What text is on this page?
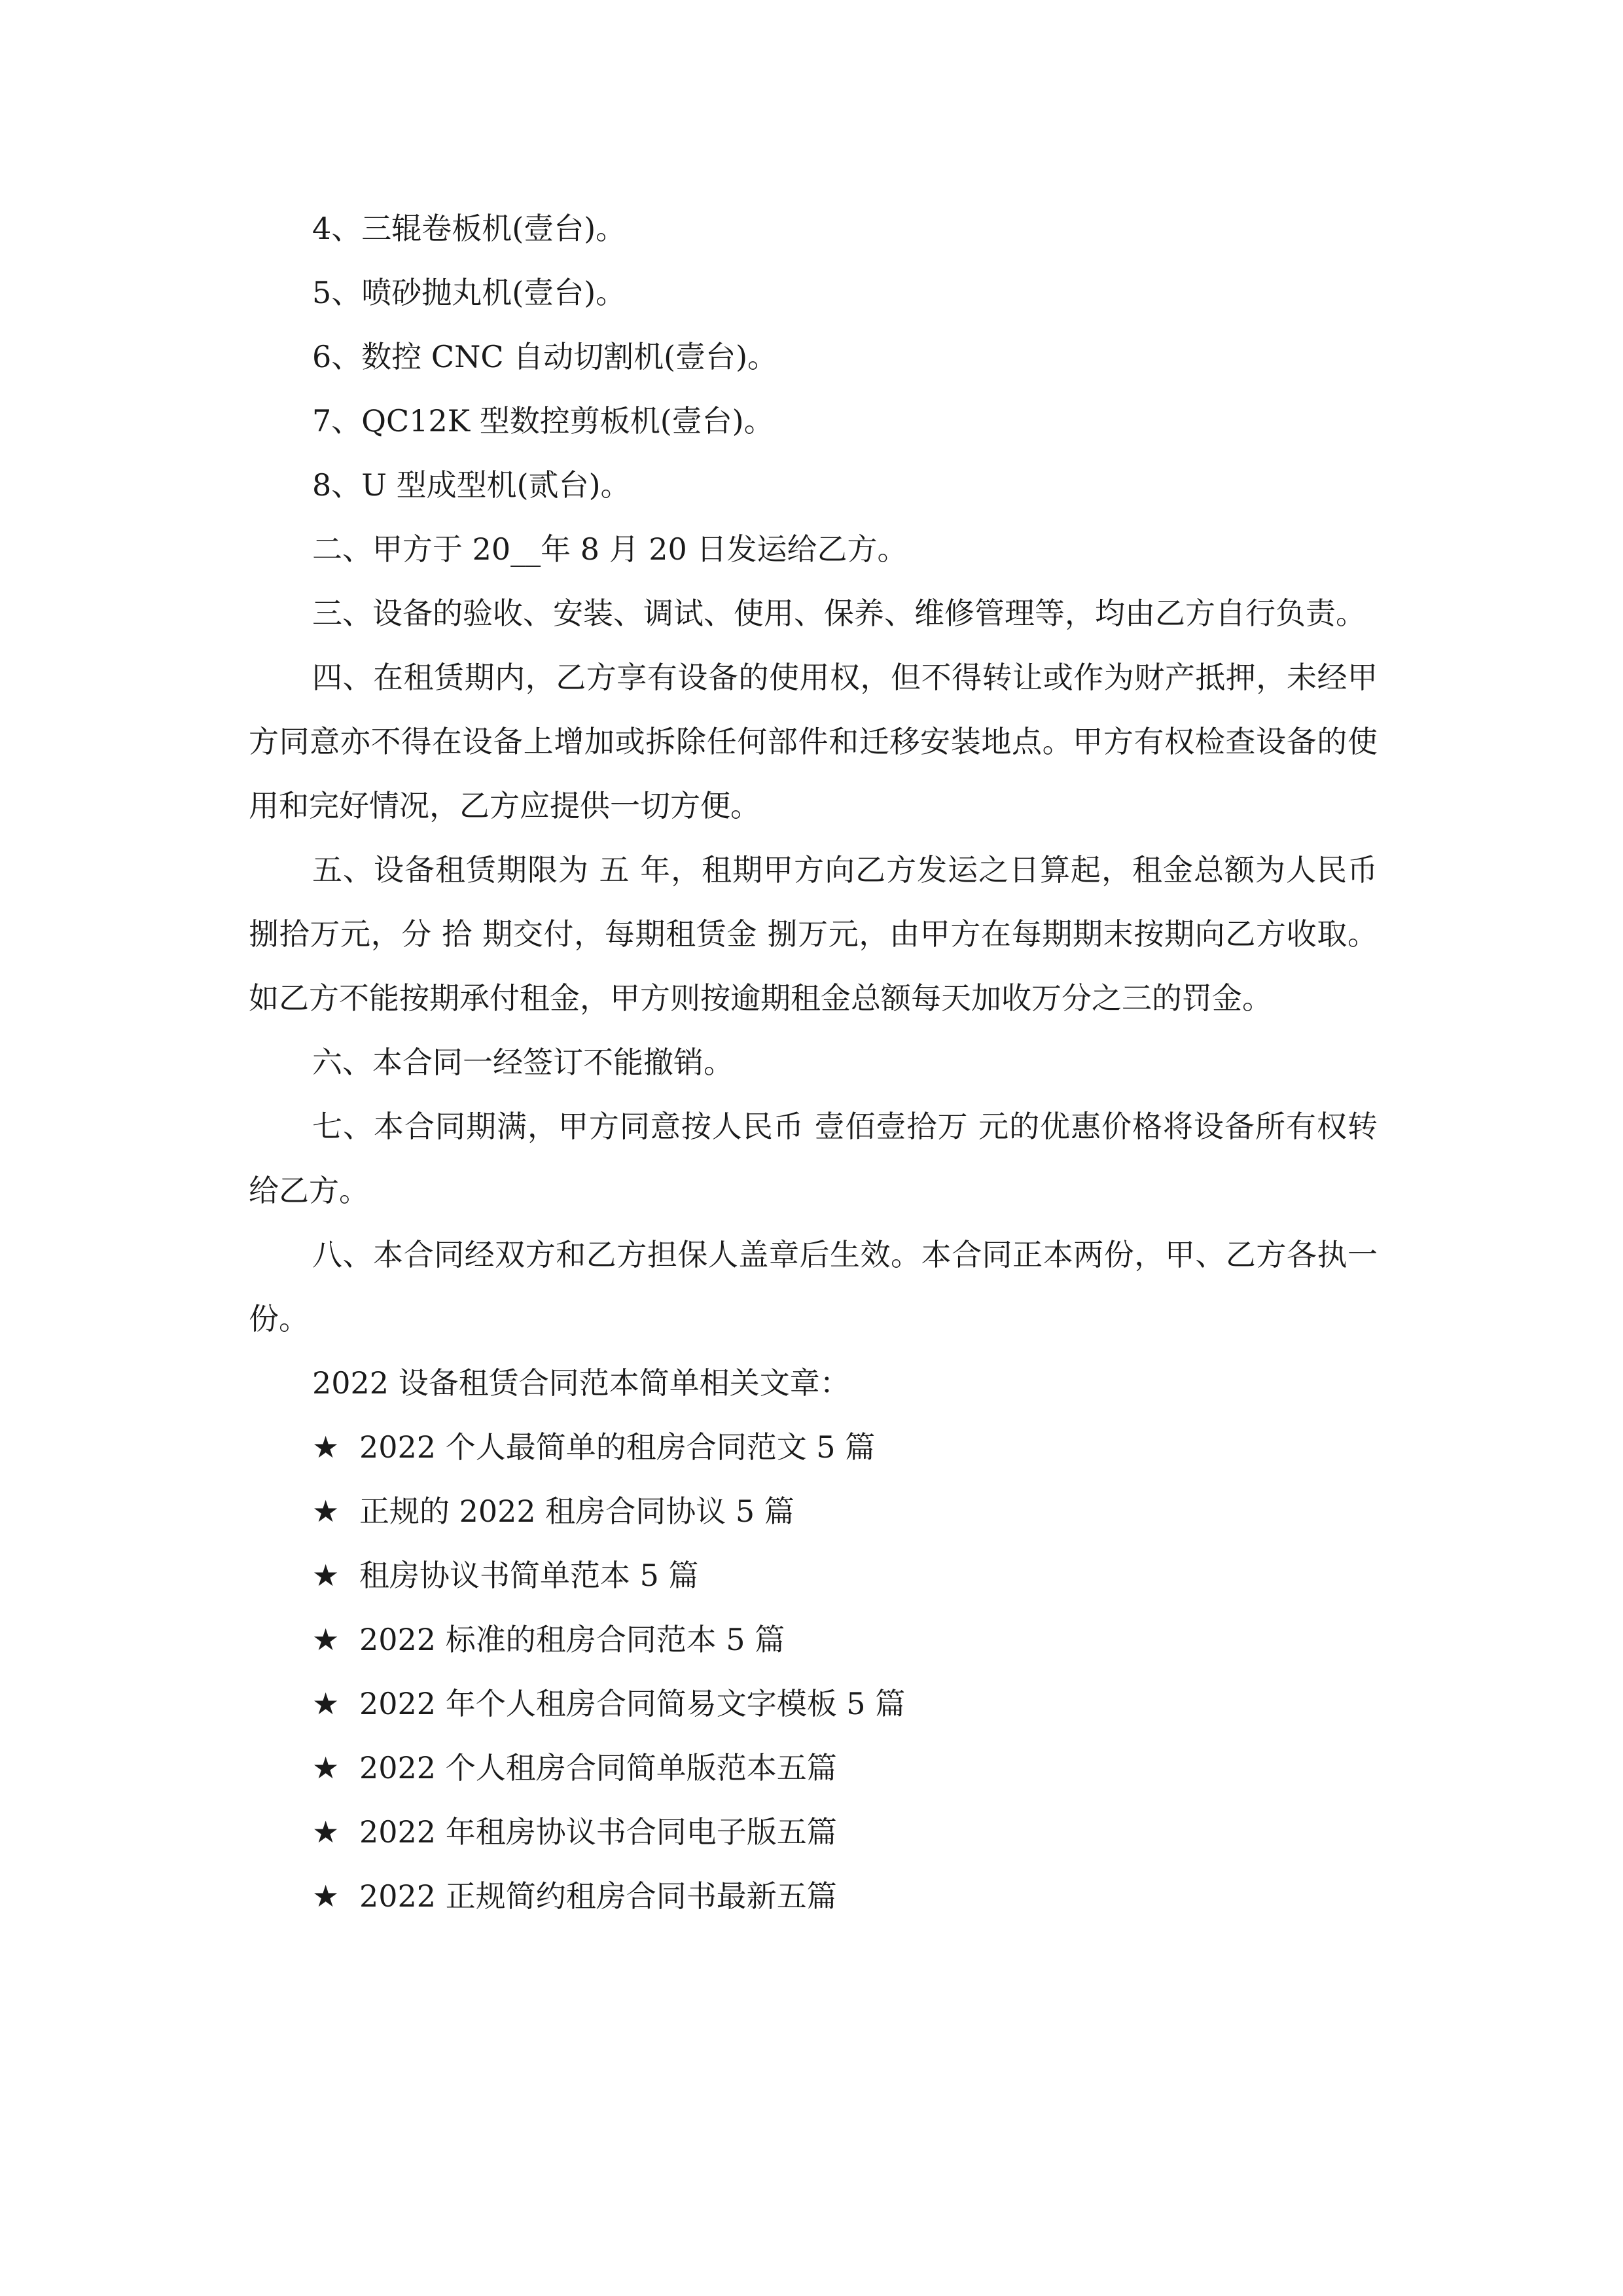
4、三辊卷板机(壹台)。
5、喷砂抛丸机(壹台)。
6、数控 CNC 自动切割机(壹台)。
7、QC12K 型数控剪板机(壹台)。
8、U 型成型机(贰台)。
二、甲方于 20__年 8 月 20 日发运给乙方。
三、设备的验收、安装、调试、使用、保养、维修管理等，均由乙方自行负责。
四、在租赁期内，乙方享有设备的使用权，但不得转让或作为财产抵押，未经甲方同意亦不得在设备上增加或拆除任何部件和迁移安装地点。甲方有权检查设备的使用和完好情况，乙方应提供一切方便。
五、设备租赁期限为 五 年，租期甲方向乙方发运之日算起，租金总额为人民币 捌拾万元，分 拾 期交付，每期租赁金 捌万元，由甲方在每期期末按期向乙方收取。如乙方不能按期承付租金，甲方则按逾期租金总额每天加收万分之三的罚金。
六、本合同一经签订不能撤销。
七、本合同期满，甲方同意按人民币 壹佰壹拾万 元的优惠价格将设备所有权转给乙方。
八、本合同经双方和乙方担保人盖章后生效。本合同正本两份，甲、乙方各执一份。
2022 设备租赁合同范本简单相关文章：
★ 2022 个人最简单的租房合同范文 5 篇
★ 正规的 2022 租房合同协议 5 篇
★ 租房协议书简单范本 5 篇
★ 2022 标准的租房合同范本 5 篇
★ 2022 年个人租房合同简易文字模板 5 篇
★ 2022 个人租房合同简单版范本五篇
★ 2022 年租房协议书合同电子版五篇
★ 2022 正规简约租房合同书最新五篇
